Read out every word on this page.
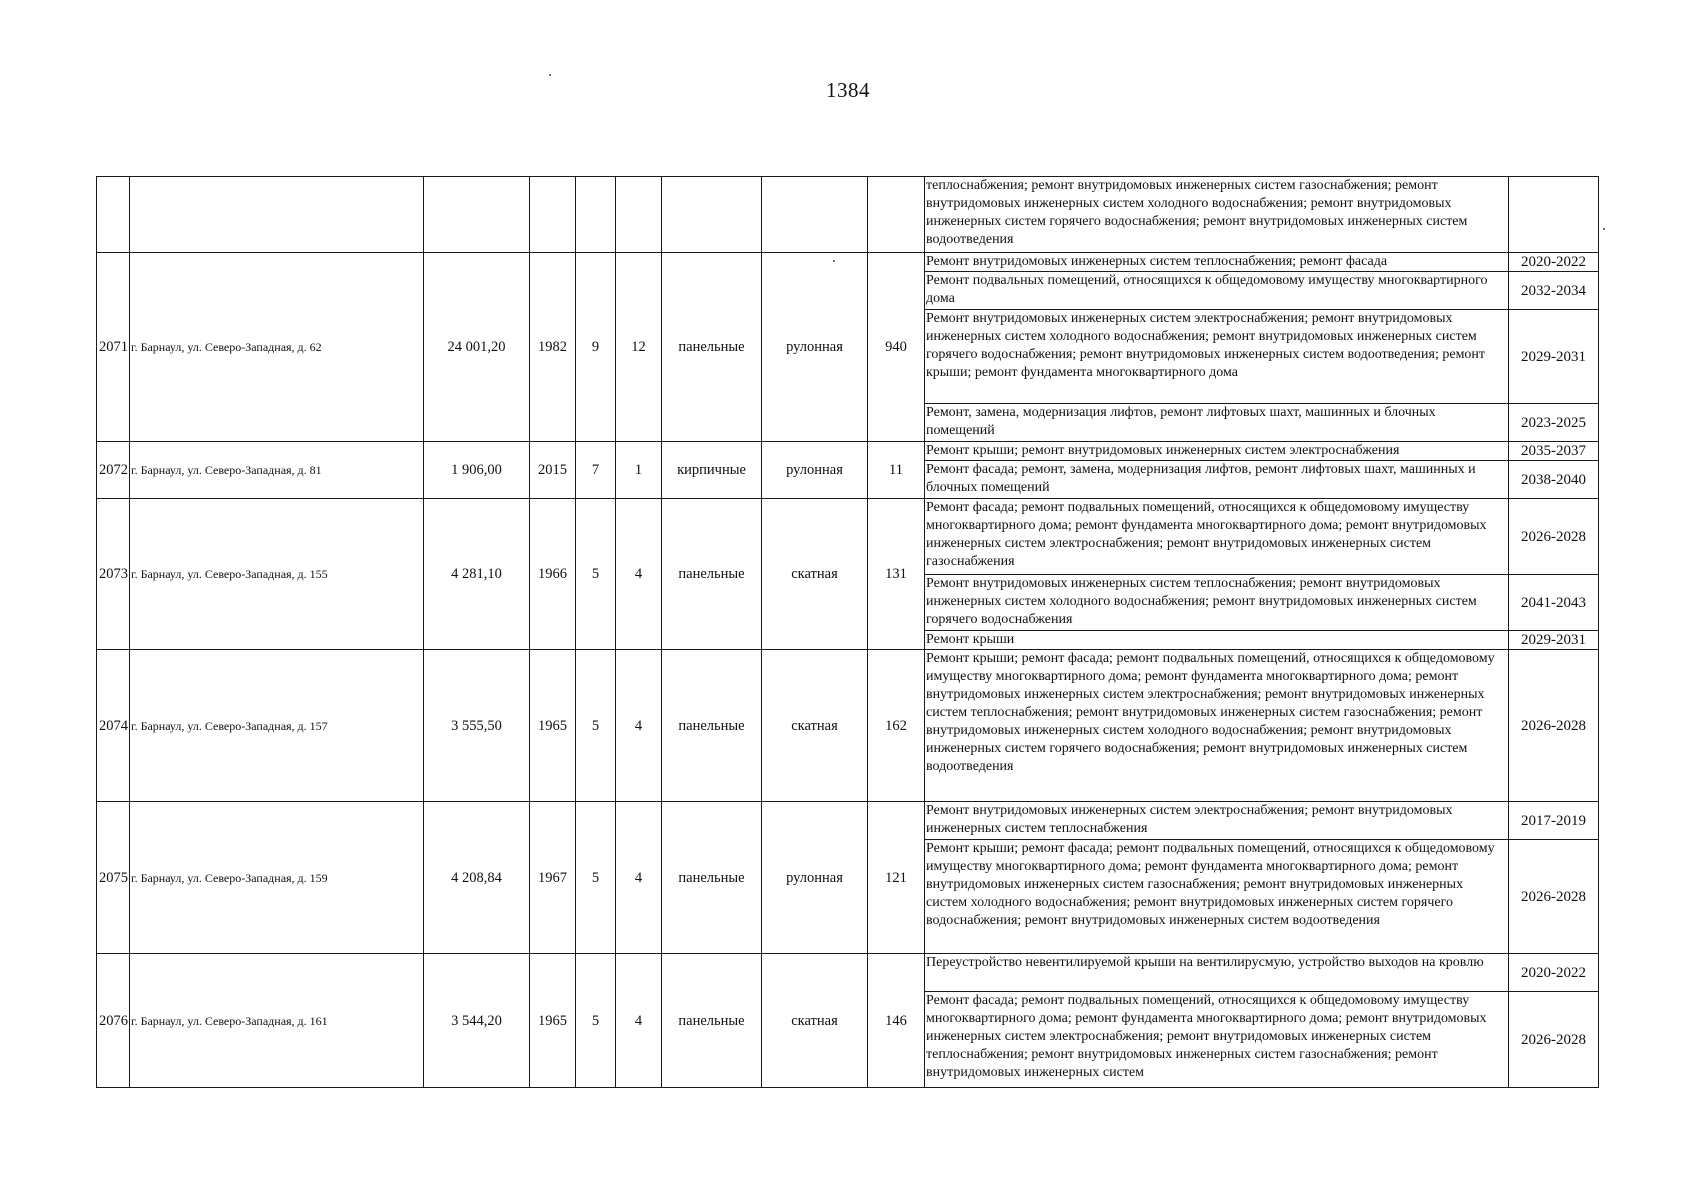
1384
									теплоснабжения; ремонт внутридомовых инженерных систем газоснабжения; ремонт внутридомовых инженерных систем холодного водоснабжения; ремонт внутридомовых инженерных систем горячего водоснабжения; ремонт внутридомовых инженерных систем водоотведения	
2071	г. Барнаул, ул. Северо-Западная, д. 62	24 001,20	1982	9	12	панельные	рулонная	940	Ремонт внутридомовых инженерных систем теплоснабжения; ремонт фасада	2020-2022
									Ремонт подвальных помещений, относящихся к общедомовому имуществу многоквартирного дома	2032-2034
									Ремонт внутридомовых инженерных систем электроснабжения; ремонт внутридомовых инженерных систем холодного водоснабжения; ремонт внутридомовых инженерных систем горячего водоснабжения; ремонт внутридомовых инженерных систем водоотведения; ремонт крыши; ремонт фундамента многоквартирного дома	2029-2031
									Ремонт, замена, модернизация лифтов, ремонт лифтовых шахт, машинных и блочных помещений	2023-2025
2072	г. Барнаул, ул. Северо-Западная, д. 81	1 906,00	2015	7	1	кирпичные	рулонная	11	Ремонт крыши; ремонт внутридомовых инженерных систем электроснабжения	2035-2037
									Ремонт фасада; ремонт, замена, модернизация лифтов, ремонт лифтовых шахт, машинных и блочных помещений	2038-2040
2073	г. Барнаул, ул. Северо-Западная, д. 155	4 281,10	1966	5	4	панельные	скатная	131	Ремонт фасада; ремонт подвальных помещений, относящихся к общедомовому имуществу многоквартирного дома; ремонт фундамента многоквартирного дома; ремонт внутридомовых инженерных систем электроснабжения; ремонт внутридомовых инженерных систем газоснабжения	2026-2028
									Ремонт внутридомовых инженерных систем теплоснабжения; ремонт внутридомовых инженерных систем холодного водоснабжения; ремонт внутридомовых инженерных систем горячего водоснабжения	2041-2043
									Ремонт крыши	2029-2031
2074	г. Барнаул, ул. Северо-Западная, д. 157	3 555,50	1965	5	4	панельные	скатная	162	Ремонт крыши; ремонт фасада; ремонт подвальных помещений, относящихся к общедомовому имуществу многоквартирного дома; ремонт фундамента многоквартирного дома; ремонт внутридомовых инженерных систем электроснабжения; ремонт внутридомовых инженерных систем теплоснабжения; ремонт внутридомовых инженерных систем газоснабжения; ремонт внутридомовых инженерных систем холодного водоснабжения; ремонт внутридомовых инженерных систем горячего водоснабжения; ремонт внутридомовых инженерных систем водоотведения	2026-2028
2075	г. Барнаул, ул. Северо-Западная, д. 159	4 208,84	1967	5	4	панельные	рулонная	121	Ремонт внутридомовых инженерных систем электроснабжения; ремонт внутридомовых инженерных систем теплоснабжения	2017-2019
									Ремонт крыши; ремонт фасада; ремонт подвальных помещений, относящихся к общедомовому имуществу многоквартирного дома; ремонт фундамента многоквартирного дома; ремонт внутридомовых инженерных систем газоснабжения; ремонт внутридомовых инженерных систем холодного водоснабжения; ремонт внутридомовых инженерных систем горячего водоснабжения; ремонт внутридомовых инженерных систем водоотведения	2026-2028
2076	г. Барнаул, ул. Северо-Западная, д. 161	3 544,20	1965	5	4	панельные	скатная	146	Переустройство невентилируемой крыши на вентилирусмую, устройство выходов на кровлю	2020-2022
									Ремонт фасада; ремонт подвальных помещений, относящихся к общедомовому имуществу многоквартирного дома; ремонт фундамента многоквартирного дома; ремонт внутридомовых инженерных систем электроснабжения; ремонт внутридомовых инженерных систем теплоснабжения; ремонт внутридомовых инженерных систем газоснабжения; ремонт внутридомовых инженерных систем	2026-2028
